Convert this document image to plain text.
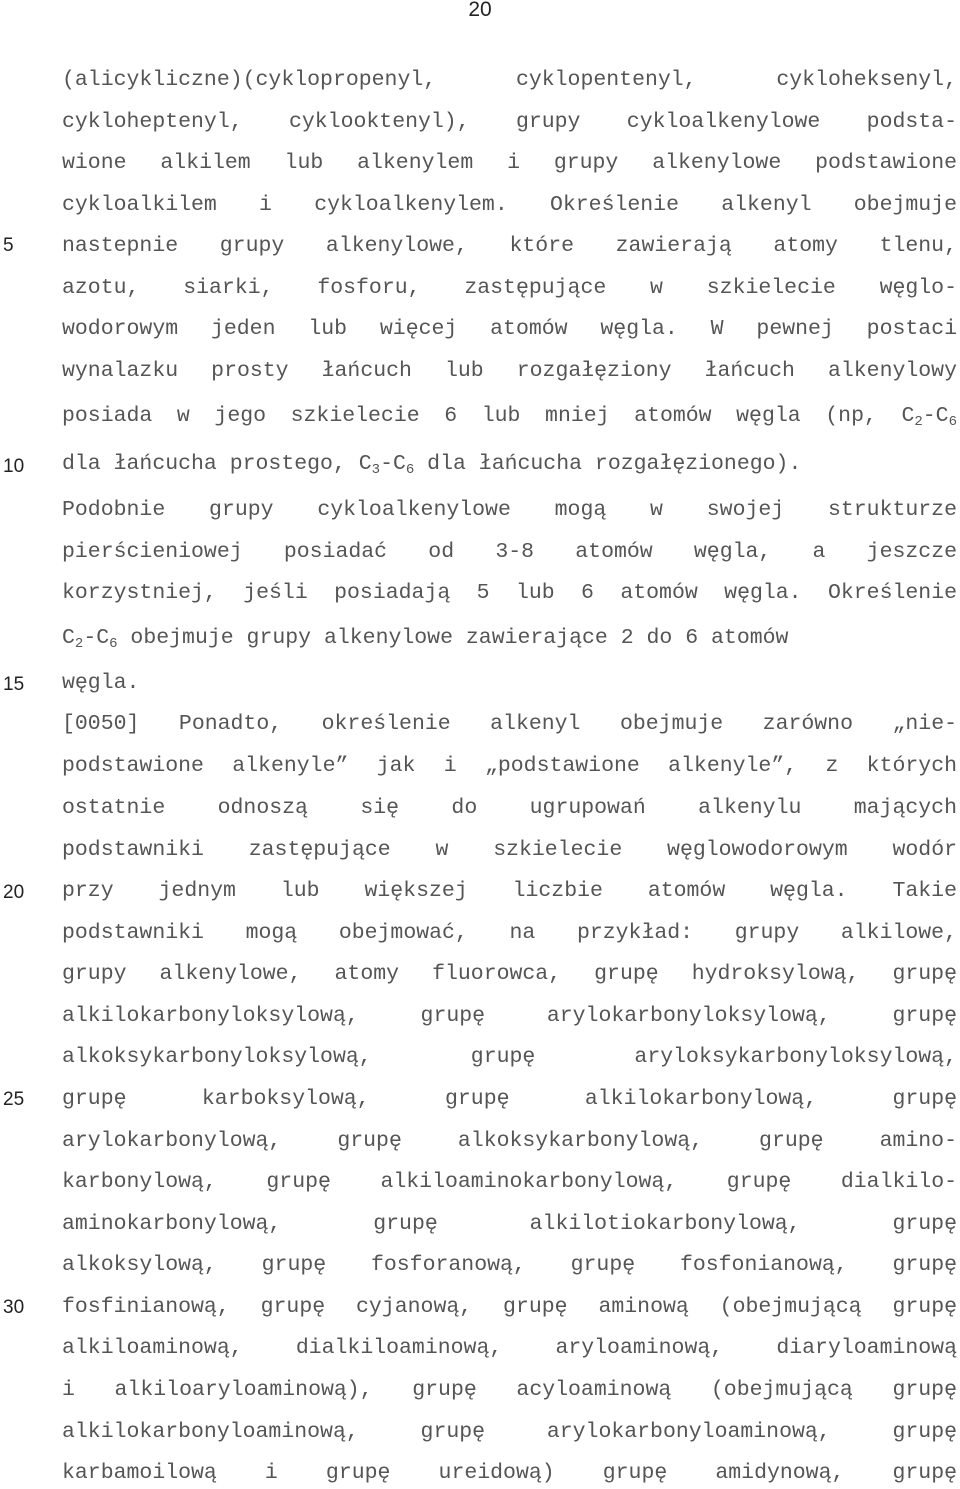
20
5
10
15
20
25
30
(alicykliczne)(cyklopropenyl, cyklopentenyl, cykloheksenyl,
cykloheptenyl, cyklooktenyl), grupy cykloalkenylowe podsta-
wione alkilem lub alkenylem i grupy alkenylowe podstawione
cykloalkilem i cykloalkenylem. Określenie alkenyl obejmuje
nastepnie grupy alkenylowe, które zawierają atomy tlenu,
azotu, siarki, fosforu, zastępujące w szkielecie węglo-
wodorowym jeden lub więcej atomów węgla. W pewnej postaci
wynalazku prosty łańcuch lub rozgałęziony łańcuch alkenylowy
posiada w jego szkielecie 6 lub mniej atomów węgla (np, $C_2-C_6$
dla łańcucha prostego, $C_3-C_6$ dla łańcucha rozgałęzionego).
Podobnie grupy cykloalkenylowe mogą w swojej strukturze
pierścieniowej posiadać od 3-8 atomów węgla, a jeszcze
korzystniej, jeśli posiadają 5 lub 6 atomów węgla. Określenie
$C_2-C_6$ obejmuje grupy alkenylowe zawierające 2 do 6 atomów
węgla.
[0050] Ponadto, określenie alkenyl obejmuje zarówno „nie-
podstawione alkenyle” jak i „podstawione alkenyle”, z których
ostatnie odnoszą się do ugrupowań alkenylu mających
podstawniki zastępujące w szkielecie węglowodorowym wodór
przy jednym lub większej liczbie atomów węgla. Takie
podstawniki mogą obejmować, na przykład: grupy alkilowe,
grupy alkenylowe, atomy fluorowca, grupę hydroksylową, grupę
alkilokarbonyloksylową, grupę arylokarbonyloksylową, grupę
alkoksykarbonyloksylową, grupę aryloksykarbonyloksylową,
grupę karboksylową, grupę alkilokarbonylową, grupę
arylokarbonylową, grupę alkoksykarbonylową, grupę amino-
karbonylową, grupę alkiloaminokarbonylową, grupę dialkilo-
aminokarbonylową, grupę alkilotiokarbonylową, grupę
alkoksylową, grupę fosforanową, grupę fosfonianową, grupę
fosfinianową, grupę cyjanową, grupę aminową (obejmującą grupę
alkiloaminową, dialkiloaminową, aryloaminową, diaryloaminową
i alkiloaryloaminową), grupę acyloaminową (obejmującą grupę
alkilokarbonyloaminową, grupę arylokarbonyloaminową, grupę
karbamoilową i grupę ureidową) grupę amidynową, grupę
